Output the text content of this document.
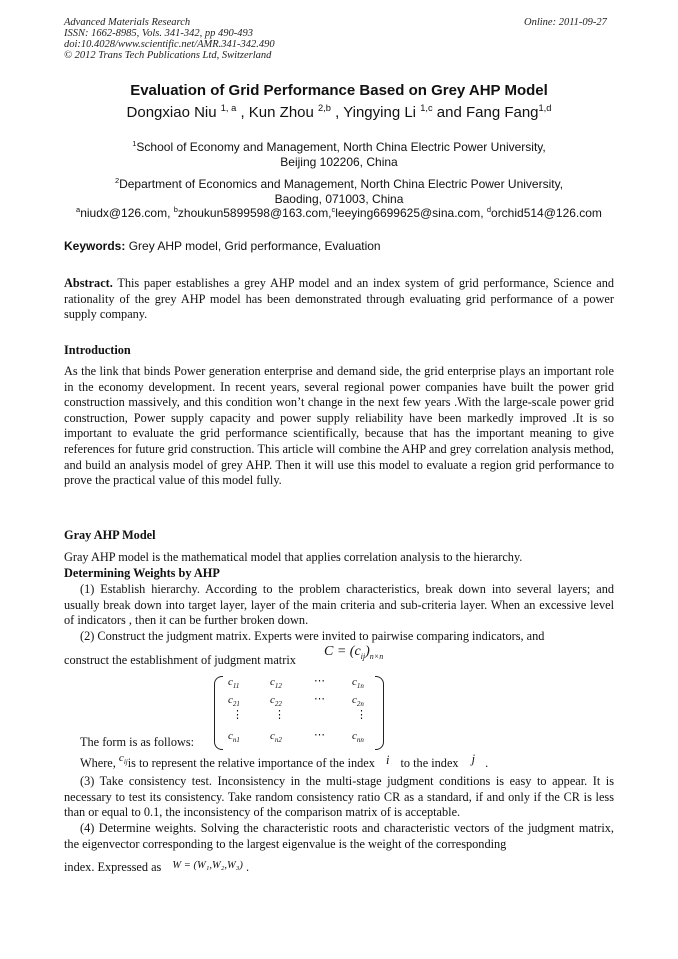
Advanced Materials Research
ISSN: 1662-8985, Vols. 341-342, pp 490-493
doi:10.4028/www.scientific.net/AMR.341-342.490
© 2012 Trans Tech Publications Ltd, Switzerland
Online: 2011-09-27
Evaluation of Grid Performance Based on Grey AHP Model
Dongxiao Niu $^{1, a}$ , Kun Zhou $^{2,b}$ , Yingying Li $^{1,c}$ and Fang Fang$^{1,d}$
$^1$School of Economy and Management, North China Electric Power University,
Beijing 102206, China
$^2$Department of Economics and Management, North China Electric Power University,
Baoding, 071003, China
$^a$niudx@126.com, $^b$zhoukun5899598@163.com,$^c$leeying6699625@sina.com, $^d$orchid514@126.com
Keywords: Grey AHP model, Grid performance, Evaluation
Abstract. This paper establishes a grey AHP model and an index system of grid performance, Science and rationality of the grey AHP model has been demonstrated through evaluating grid performance of a power supply company.
Introduction
As the link that binds Power generation enterprise and demand side, the grid enterprise plays an important role in the economy development. In recent years, several regional power companies have built the power grid construction massively, and this condition won’t change in the next few years .With the large-scale power grid construction, Power supply capacity and power supply reliability have been markedly improved .It is so important to evaluate the grid performance scientifically, because that has the important meaning to give references for future grid construction. This article will combine the AHP and grey correlation analysis method, and build an analysis model of grey AHP. Then it will use this model to evaluate a region grid performance to prove the practical value of this model fully.
Gray AHP Model
Gray AHP model is the mathematical model that applies correlation analysis to the hierarchy.
Determining Weights by AHP
(1) Establish hierarchy. According to the problem characteristics, break down into several layers; and usually break down into target layer, layer of the main criteria and sub-criteria layer. When an excessive level of indicators , then it can be further broken down.
(2) Construct the judgment matrix. Experts were invited to pairwise comparing indicators, and
construct the establishment of judgment matrix
$C = (c_{ij})_{n\times n}$
$c_{11}$	$c_{12}$	⋯ $c_{1n}$
$c_{21}$	$c_{22}$	⋯ $c_{2n}$
⋮	⋮	⋮
$c_{n1}$	$c_{n2}$	⋯ $c_{nn}$
The form is as follows:
Where, $c_{ij}is$ to represent the relative importance of the index i to the index j .
(3) Take consistency test. Inconsistency in the multi-stage judgment conditions is easy to appear. It is necessary to test its consistency. Take random consistency ratio CR as a standard, if and only if the CR is less than or equal to 0.1, the inconsistency of the comparison matrix of is acceptable.
(4) Determine weights. Solving the characteristic roots and characteristic vectors of the judgment matrix, the eigenvector corresponding to the largest eigenvalue is the weight of the corresponding
index. Expressed as W = (W₁,W₂,W₃) .
